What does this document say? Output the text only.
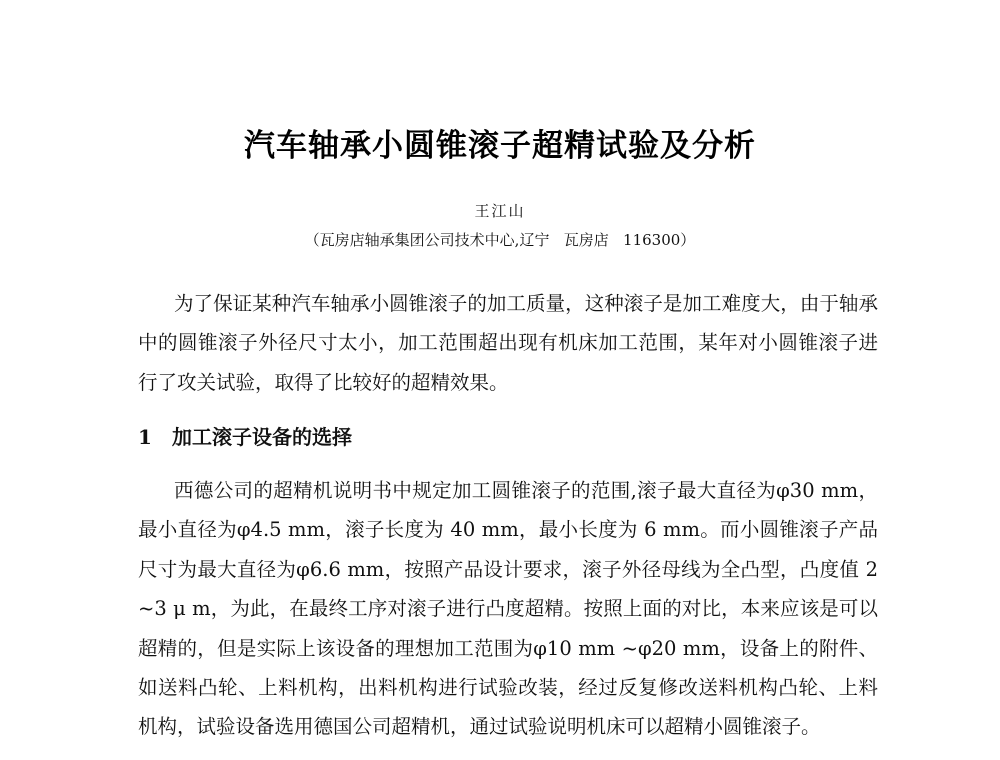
汽车轴承小圆锥滚子超精试验及分析
王江山
（瓦房店轴承集团公司技术中心,辽宁   瓦房店   116300）

为了保证某种汽车轴承小圆锥滚子的加工质量，这种滚子是加工难度大，由于轴承中的圆锥滚子外径尺寸太小，加工范围超出现有机床加工范围，某年对小圆锥滚子进行了攻关试验，取得了比较好的超精效果。

1 加工滚子设备的选择

西德公司的超精机说明书中规定加工圆锥滚子的范围,滚子最大直径为φ30 mm，最小直径为φ4.5 mm，滚子长度为 40 mm，最小长度为 6 mm。而小圆锥滚子产品尺寸为最大直径为φ6.6 mm，按照产品设计要求，滚子外径母线为全凸型，凸度值 2 ~3 μ m，为此，在最终工序对滚子进行凸度超精。按照上面的对比，本来应该是可以超精的，但是实际上该设备的理想加工范围为φ10 mm ~φ20 mm，设备上的附件、如送料凸轮、上料机构，出料机构进行试验改装，经过反复修改送料机构凸轮、上料机构，试验设备选用德国公司超精机，通过试验说明机床可以超精小圆锥滚子。
